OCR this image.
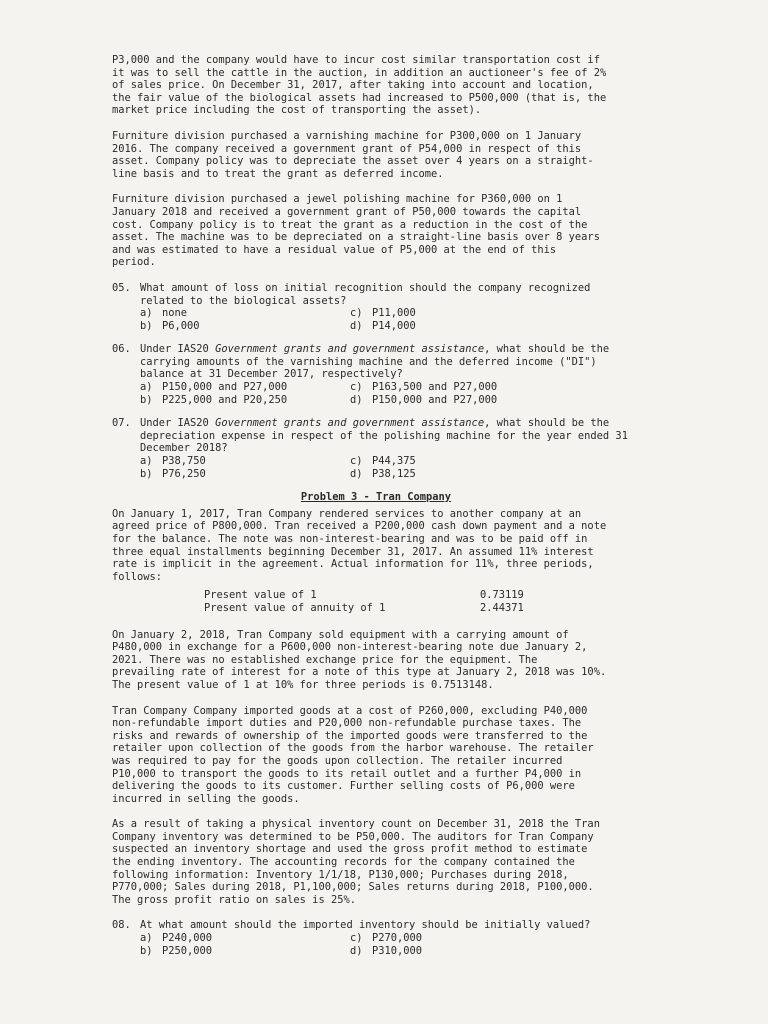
P3,000 and the company would have to incur cost similar transportation cost if
it was to sell the cattle in the auction, in addition an auctioneer's fee of 2%
of sales price. On December 31, 2017, after taking into account and location,
the fair value of the biological assets had increased to P500,000 (that is, the
market price including the cost of transporting the asset).
Furniture division purchased a varnishing machine for P300,000 on 1 January
2016. The company received a government grant of P54,000 in respect of this
asset. Company policy was to depreciate the asset over 4 years on a straight-
line basis and to treat the grant as deferred income.
Furniture division purchased a jewel polishing machine for P360,000 on 1
January 2018 and received a government grant of P50,000 towards the capital
cost. Company policy is to treat the grant as a reduction in the cost of the
asset. The machine was to be depreciated on a straight-line basis over 8 years
and was estimated to have a residual value of P5,000 at the end of this
period.
05. What amount of loss on initial recognition should the company recognized related to the biological assets?
a) none	c) P11,000
b) P6,000	d) P14,000
06. Under IAS20 Government grants and government assistance, what should be the carrying amounts of the varnishing machine and the deferred income ("DI") balance at 31 December 2017, respectively?
a) P150,000 and P27,000	c) P163,500 and P27,000
b) P225,000 and P20,250	d) P150,000 and P27,000
07. Under IAS20 Government grants and government assistance, what should be the depreciation expense in respect of the polishing machine for the year ended 31 December 2018?
a) P38,750	c) P44,375
b) P76,250	d) P38,125
Problem 3 - Tran Company
On January 1, 2017, Tran Company rendered services to another company at an
agreed price of P800,000. Tran received a P200,000 cash down payment and a note
for the balance. The note was non-interest-bearing and was to be paid off in
three equal installments beginning December 31, 2017. An assumed 11% interest
rate is implicit in the agreement. Actual information for 11%, three periods,
follows:
Present value of 1	0.73119
Present value of annuity of 1	2.44371
On January 2, 2018, Tran Company sold equipment with a carrying amount of
P480,000 in exchange for a P600,000 non-interest-bearing note due January 2,
2021. There was no established exchange price for the equipment. The
prevailing rate of interest for a note of this type at January 2, 2018 was 10%.
The present value of 1 at 10% for three periods is 0.7513148.
Tran Company Company imported goods at a cost of P260,000, excluding P40,000
non-refundable import duties and P20,000 non-refundable purchase taxes. The
risks and rewards of ownership of the imported goods were transferred to the
retailer upon collection of the goods from the harbor warehouse. The retailer
was required to pay for the goods upon collection. The retailer incurred
P10,000 to transport the goods to its retail outlet and a further P4,000 in
delivering the goods to its customer. Further selling costs of P6,000 were
incurred in selling the goods.
As a result of taking a physical inventory count on December 31, 2018 the Tran
Company inventory was determined to be P50,000. The auditors for Tran Company
suspected an inventory shortage and used the gross profit method to estimate
the ending inventory. The accounting records for the company contained the
following information: Inventory 1/1/18, P130,000; Purchases during 2018,
P770,000; Sales during 2018, P1,100,000; Sales returns during 2018, P100,000.
The gross profit ratio on sales is 25%.
08. At what amount should the imported inventory should be initially valued?
a) P240,000	c) P270,000
b) P250,000	d) P310,000
